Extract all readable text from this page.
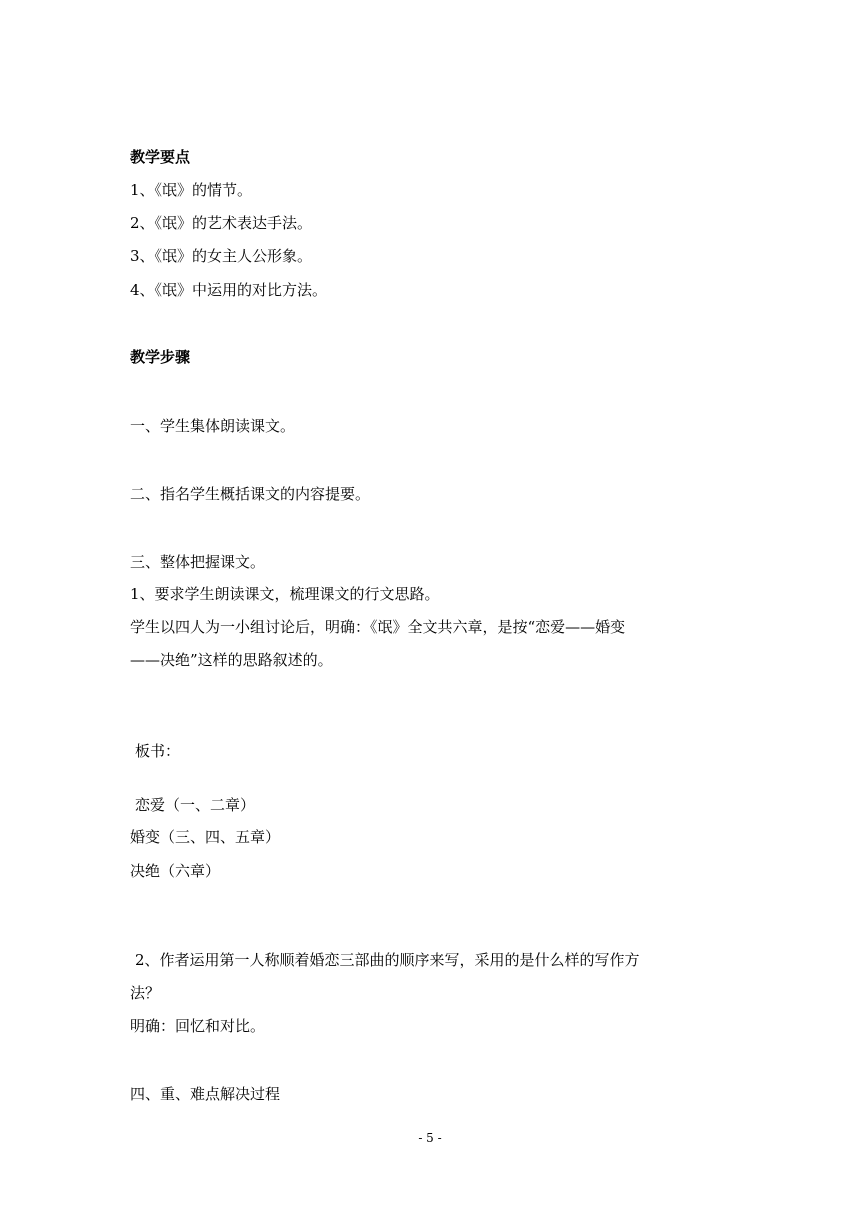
教学要点

1、《氓》的情节。

2、《氓》的艺术表达手法。

3、《氓》的女主人公形象。

4、《氓》中运用的对比方法。

教学步骤

一、学生集体朗读课文。

二、指名学生概括课文的内容提要。

三、整体把握课文。

1、要求学生朗读课文，梳理课文的行文思路。

学生以四人为一小组讨论后，明确：《氓》全文共六章，是按“恋爱——婚变

——决绝”这样的思路叙述的。

板书：

恋爱（一、二章）

婚变（三、四、五章）

决绝（六章）

2、作者运用第一人称顺着婚恋三部曲的顺序来写，采用的是什么样的写作方

法？

明确：回忆和对比。

四、重、难点解决过程

- 5 -
